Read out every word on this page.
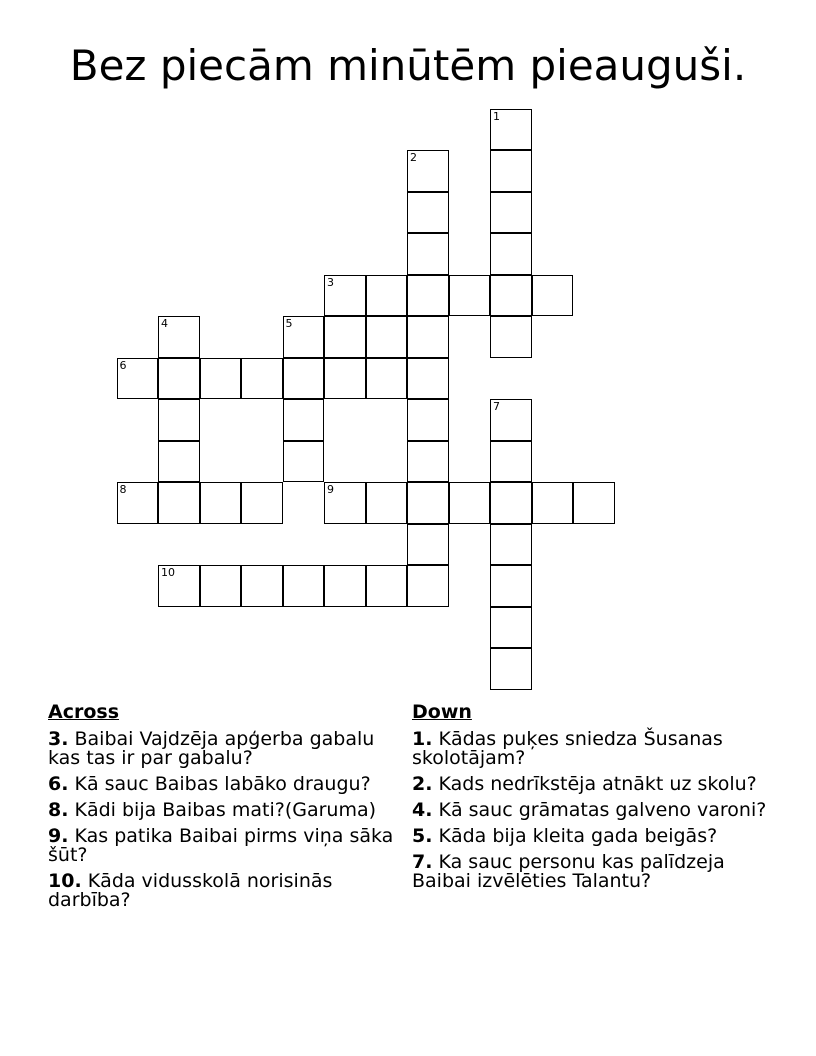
Bez piecām minūtēm pieauguši.
1
2
3
4	5
6
7
8	9
10
Across

3. Baibai Vajdzēja apģerba gabalu kas tas ir par gabalu?

6. Kā sauc Baibas labāko draugu?

8. Kādi bija Baibas mati?(Garuma)

9. Kas patika Baibai pirms viņa sāka šūt?

10. Kāda vidusskolā norisinās darbība?

Down

1. Kādas puķes sniedza Šusanas skolotājam?

2. Kads nedrīkstēja atnākt uz skolu?

4. Kā sauc grāmatas galveno varoni?

5. Kāda bija kleita gada beigās?

7. Ka sauc personu kas palīdzeja Baibai izvēlēties Talantu?
